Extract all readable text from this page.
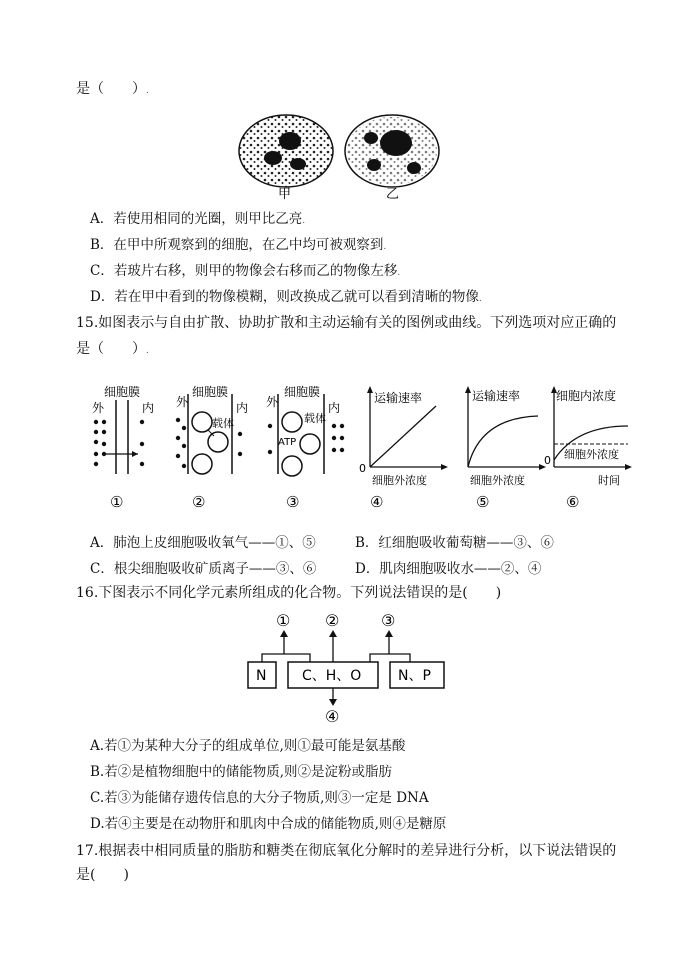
是（　　）.
甲	乙
A．若使用相同的光圈，则甲比乙亮.
B．在甲中所观察到的细胞，在乙中均可被观察到.
C．若玻片右移，则甲的物像会右移而乙的物像左移.
D．若在甲中看到的物像模糊，则改换成乙就可以看到清晰的物像.
15.如图表示与自由扩散、协助扩散和主动运输有关的图例或曲线。下列选项对应正确的
是（　　）.
细胞膜
外	内
①
细胞膜
外	内
载体
②
细胞膜
外	内
载体
ATP
③
运输速率
0
细胞外浓度
④
运输速率
细胞外浓度
⑤
细胞内浓度
0 细胞外浓度
时间
⑥
A．肺泡上皮细胞吸收氧气——①、⑤	B．红细胞吸收葡萄糖——③、⑥
C．根尖细胞吸收矿质离子——③、⑥	D．肌肉细胞吸收水——②、④
16.下图表示不同化学元素所组成的化合物。下列说法错误的是(　　)
① ②	③
④
N	C、H、O	N、P
A.若①为某种大分子的组成单位,则①最可能是氨基酸
B.若②是植物细胞中的储能物质,则②是淀粉或脂肪
C.若③为能储存遗传信息的大分子物质,则③一定是 DNA
D.若④主要是在动物肝和肌肉中合成的储能物质,则④是糖原
17.根据表中相同质量的脂肪和糖类在彻底氧化分解时的差异进行分析，以下说法错误的
是(　　)
